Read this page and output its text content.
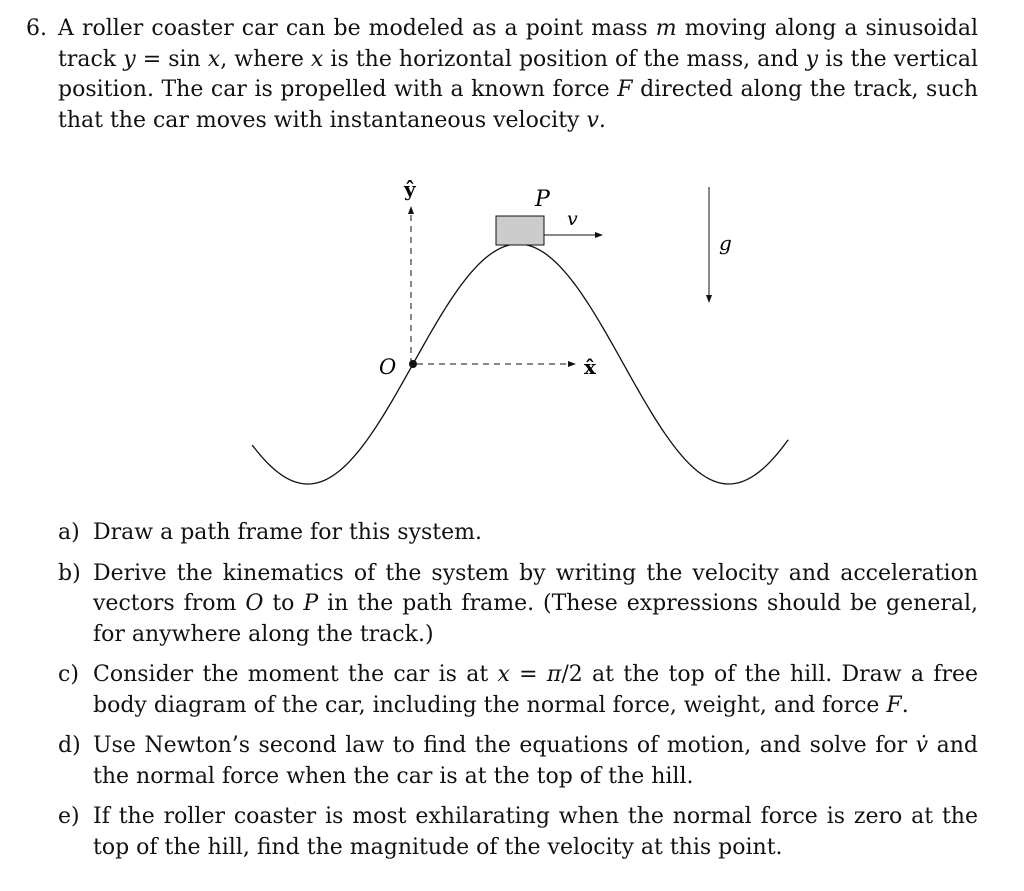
6. A roller coaster car can be modeled as a point mass m moving along a sinusoidal track y = sin x, where x is the horizontal position of the mass, and y is the vertical position. The car is propelled with a known force F directed along the track, such that the car moves with instantaneous velocity v.
ŷ
x̂
O
P
v
g
a) Draw a path frame for this system.
b) Derive the kinematics of the system by writing the velocity and acceleration vectors from O to P in the path frame. (These expressions should be general, for anywhere along the track.)
c) Consider the moment the car is at x = π/2 at the top of the hill. Draw a free body diagram of the car, including the normal force, weight, and force F.
d) Use Newton’s second law to find the equations of motion, and solve for v̇ and the normal force when the car is at the top of the hill.
e) If the roller coaster is most exhilarating when the normal force is zero at the top of the hill, find the magnitude of the velocity at this point.
